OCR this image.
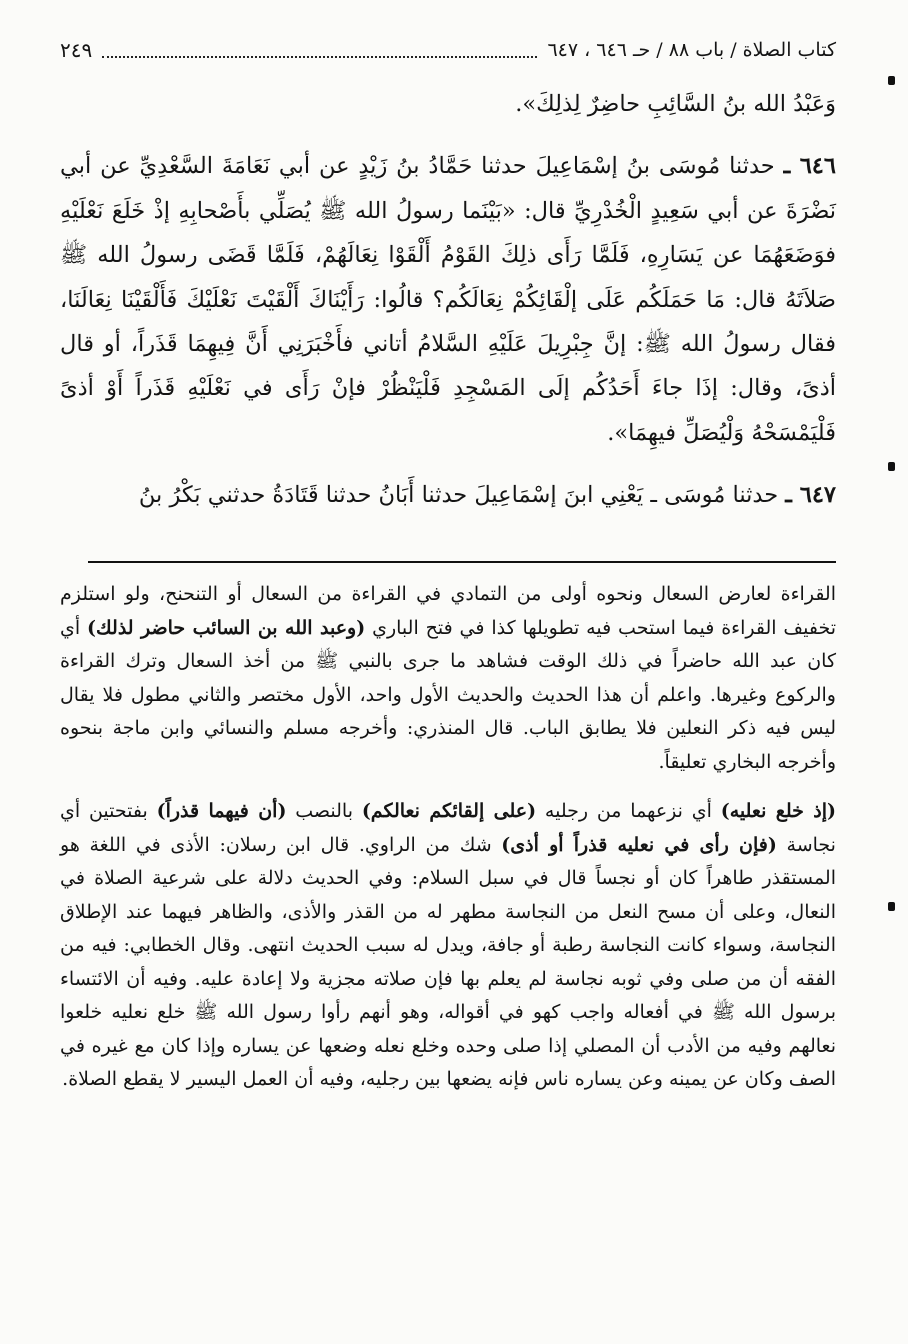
كتاب الصلاة / باب ٨٨ / حـ ٦٤٦ ، ٦٤٧
٢٤٩

وَعَبْدُ الله بنُ السَّائِبِ حاضِرٌ لِذلِكَ».

٦٤٦ ـ حدثنا مُوسَى بنُ إسْمَاعِيلَ حدثنا حَمَّادُ بنُ زَيْدٍ عن أبي نَعَامَةَ السَّعْدِيِّ عن أبي نَضْرَةَ عن أبي سَعِيدٍ الْخُدْرِيِّ قال: «بَيْنَما رسولُ الله ﷺ يُصَلِّي بأَصْحابِهِ إذْ خَلَعَ نَعْلَيْهِ فوَضَعَهُمَا عن يَسَارِهِ، فَلَمَّا رَأَى ذلِكَ القَوْمُ أَلْقَوْا نِعَالَهُمْ، فَلَمَّا قَضَى رسولُ الله ﷺ صَلاَتَهُ قال: مَا حَمَلَكُم عَلَى إلْقَائِكُمْ نِعَالَكُم؟ قالُوا: رَأَيْنَاكَ أَلْقَيْتَ نَعْلَيْكَ فَأَلْقَيْنَا نِعَالَنَا، فقال رسولُ الله ﷺ: إنَّ جِبْرِيلَ عَلَيْهِ السَّلامُ أتاني فأَخْبَرَنِي أَنَّ فِيهِمَا قَذَراً، أو قال أذىً، وقال: إذَا جاءَ أَحَدُكُم إلَى المَسْجِدِ فَلْيَنْظُرْ فإنْ رَأَى في نَعْلَيْهِ قَذَراً أَوْ أذىً فَلْيَمْسَحْهُ وَلْيُصَلِّ فيهِمَا».

٦٤٧ ـ حدثنا مُوسَى ـ يَعْنِي ابنَ إسْمَاعِيلَ حدثنا أَبَانُ حدثنا قَتَادَةُ حدثني بَكْرُ بنُ

القراءة لعارض السعال ونحوه أولى من التمادي في القراءة من السعال أو التنحنح، ولو استلزم تخفيف القراءة فيما استحب فيه تطويلها كذا في فتح الباري (وعبد الله بن السائب حاضر لذلك) أي كان عبد الله حاضراً في ذلك الوقت فشاهد ما جرى بالنبي ﷺ من أخذ السعال وترك القراءة والركوع وغيرها. واعلم أن هذا الحديث والحديث الأول واحد، الأول مختصر والثاني مطول فلا يقال ليس فيه ذكر النعلين فلا يطابق الباب. قال المنذري: وأخرجه مسلم والنسائي وابن ماجة بنحوه وأخرجه البخاري تعليقاً.

(إذ خلع نعليه) أي نزعهما من رجليه (على إلقائكم نعالكم) بالنصب (أن فيهما قذراً) بفتحتين أي نجاسة (فإن رأى في نعليه قذراً أو أذى) شك من الراوي. قال ابن رسلان: الأذى في اللغة هو المستقذر طاهراً كان أو نجساً قال في سبل السلام: وفي الحديث دلالة على شرعية الصلاة في النعال، وعلى أن مسح النعل من النجاسة مطهر له من القذر والأذى، والظاهر فيهما عند الإطلاق النجاسة، وسواء كانت النجاسة رطبة أو جافة، ويدل له سبب الحديث انتهى. وقال الخطابي: فيه من الفقه أن من صلى وفي ثوبه نجاسة لم يعلم بها فإن صلاته مجزية ولا إعادة عليه. وفيه أن الائتساء برسول الله ﷺ في أفعاله واجب كهو في أقواله، وهو أنهم رأوا رسول الله ﷺ خلع نعليه خلعوا نعالهم وفيه من الأدب أن المصلي إذا صلى وحده وخلع نعله وضعها عن يساره وإذا كان مع غيره في الصف وكان عن يمينه وعن يساره ناس فإنه يضعها بين رجليه، وفيه أن العمل اليسير لا يقطع الصلاة.
